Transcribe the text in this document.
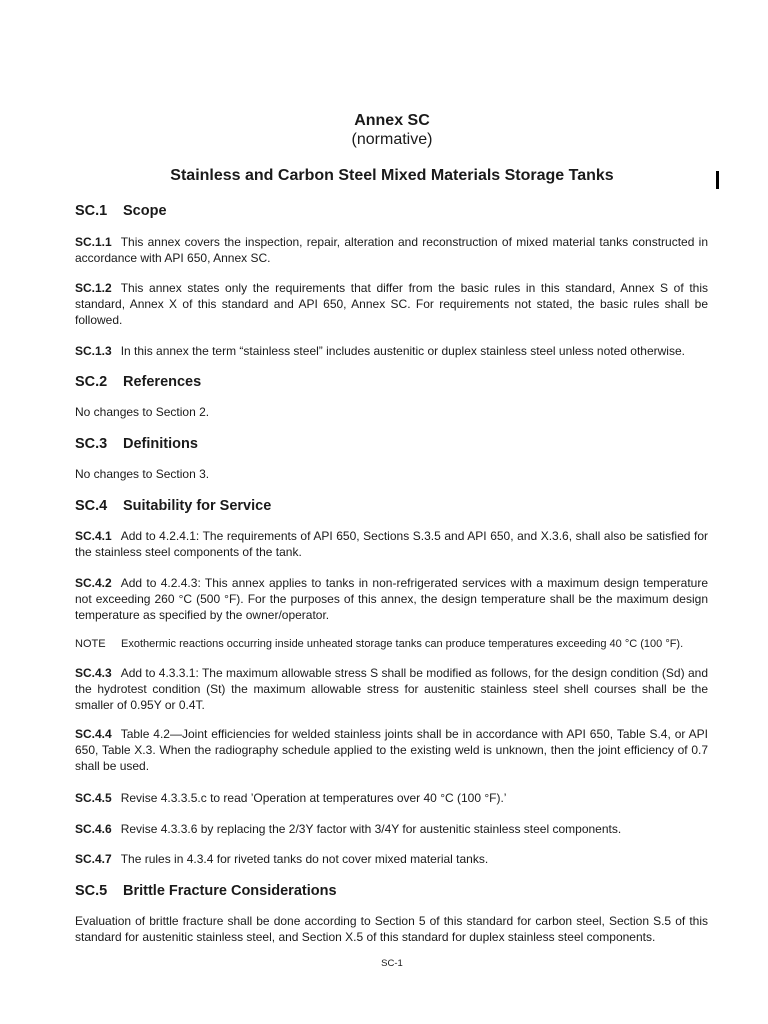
Annex SC
(normative)
Stainless and Carbon Steel Mixed Materials Storage Tanks
SC.1 Scope
SC.1.1 This annex covers the inspection, repair, alteration and reconstruction of mixed material tanks constructed in accordance with API 650, Annex SC.
SC.1.2 This annex states only the requirements that differ from the basic rules in this standard, Annex S of this standard, Annex X of this standard and API 650, Annex SC. For requirements not stated, the basic rules shall be followed.
SC.1.3 In this annex the term “stainless steel” includes austenitic or duplex stainless steel unless noted otherwise.
SC.2 References
No changes to Section 2.
SC.3 Definitions
No changes to Section 3.
SC.4 Suitability for Service
SC.4.1 Add to 4.2.4.1: The requirements of API 650, Sections S.3.5 and API 650, and X.3.6, shall also be satisfied for the stainless steel components of the tank.
SC.4.2 Add to 4.2.4.3: This annex applies to tanks in non-refrigerated services with a maximum design temperature not exceeding 260 °C (500 °F). For the purposes of this annex, the design temperature shall be the maximum design temperature as specified by the owner/operator.
NOTE Exothermic reactions occurring inside unheated storage tanks can produce temperatures exceeding 40 °C (100 °F).
SC.4.3 Add to 4.3.3.1: The maximum allowable stress S shall be modified as follows, for the design condition (Sd) and the hydrotest condition (St) the maximum allowable stress for austenitic stainless steel shell courses shall be the smaller of 0.95Y or 0.4T.
SC.4.4 Table 4.2—Joint efficiencies for welded stainless joints shall be in accordance with API 650, Table S.4, or API 650, Table X.3. When the radiography schedule applied to the existing weld is unknown, then the joint efficiency of 0.7 shall be used.
SC.4.5 Revise 4.3.3.5.c to read ’Operation at temperatures over 40 °C (100 °F).’
SC.4.6 Revise 4.3.3.6 by replacing the 2/3Y factor with 3/4Y for austenitic stainless steel components.
SC.4.7 The rules in 4.3.4 for riveted tanks do not cover mixed material tanks.
SC.5 Brittle Fracture Considerations
Evaluation of brittle fracture shall be done according to Section 5 of this standard for carbon steel, Section S.5 of this standard for austenitic stainless steel, and Section X.5 of this standard for duplex stainless steel components.
SC-1
